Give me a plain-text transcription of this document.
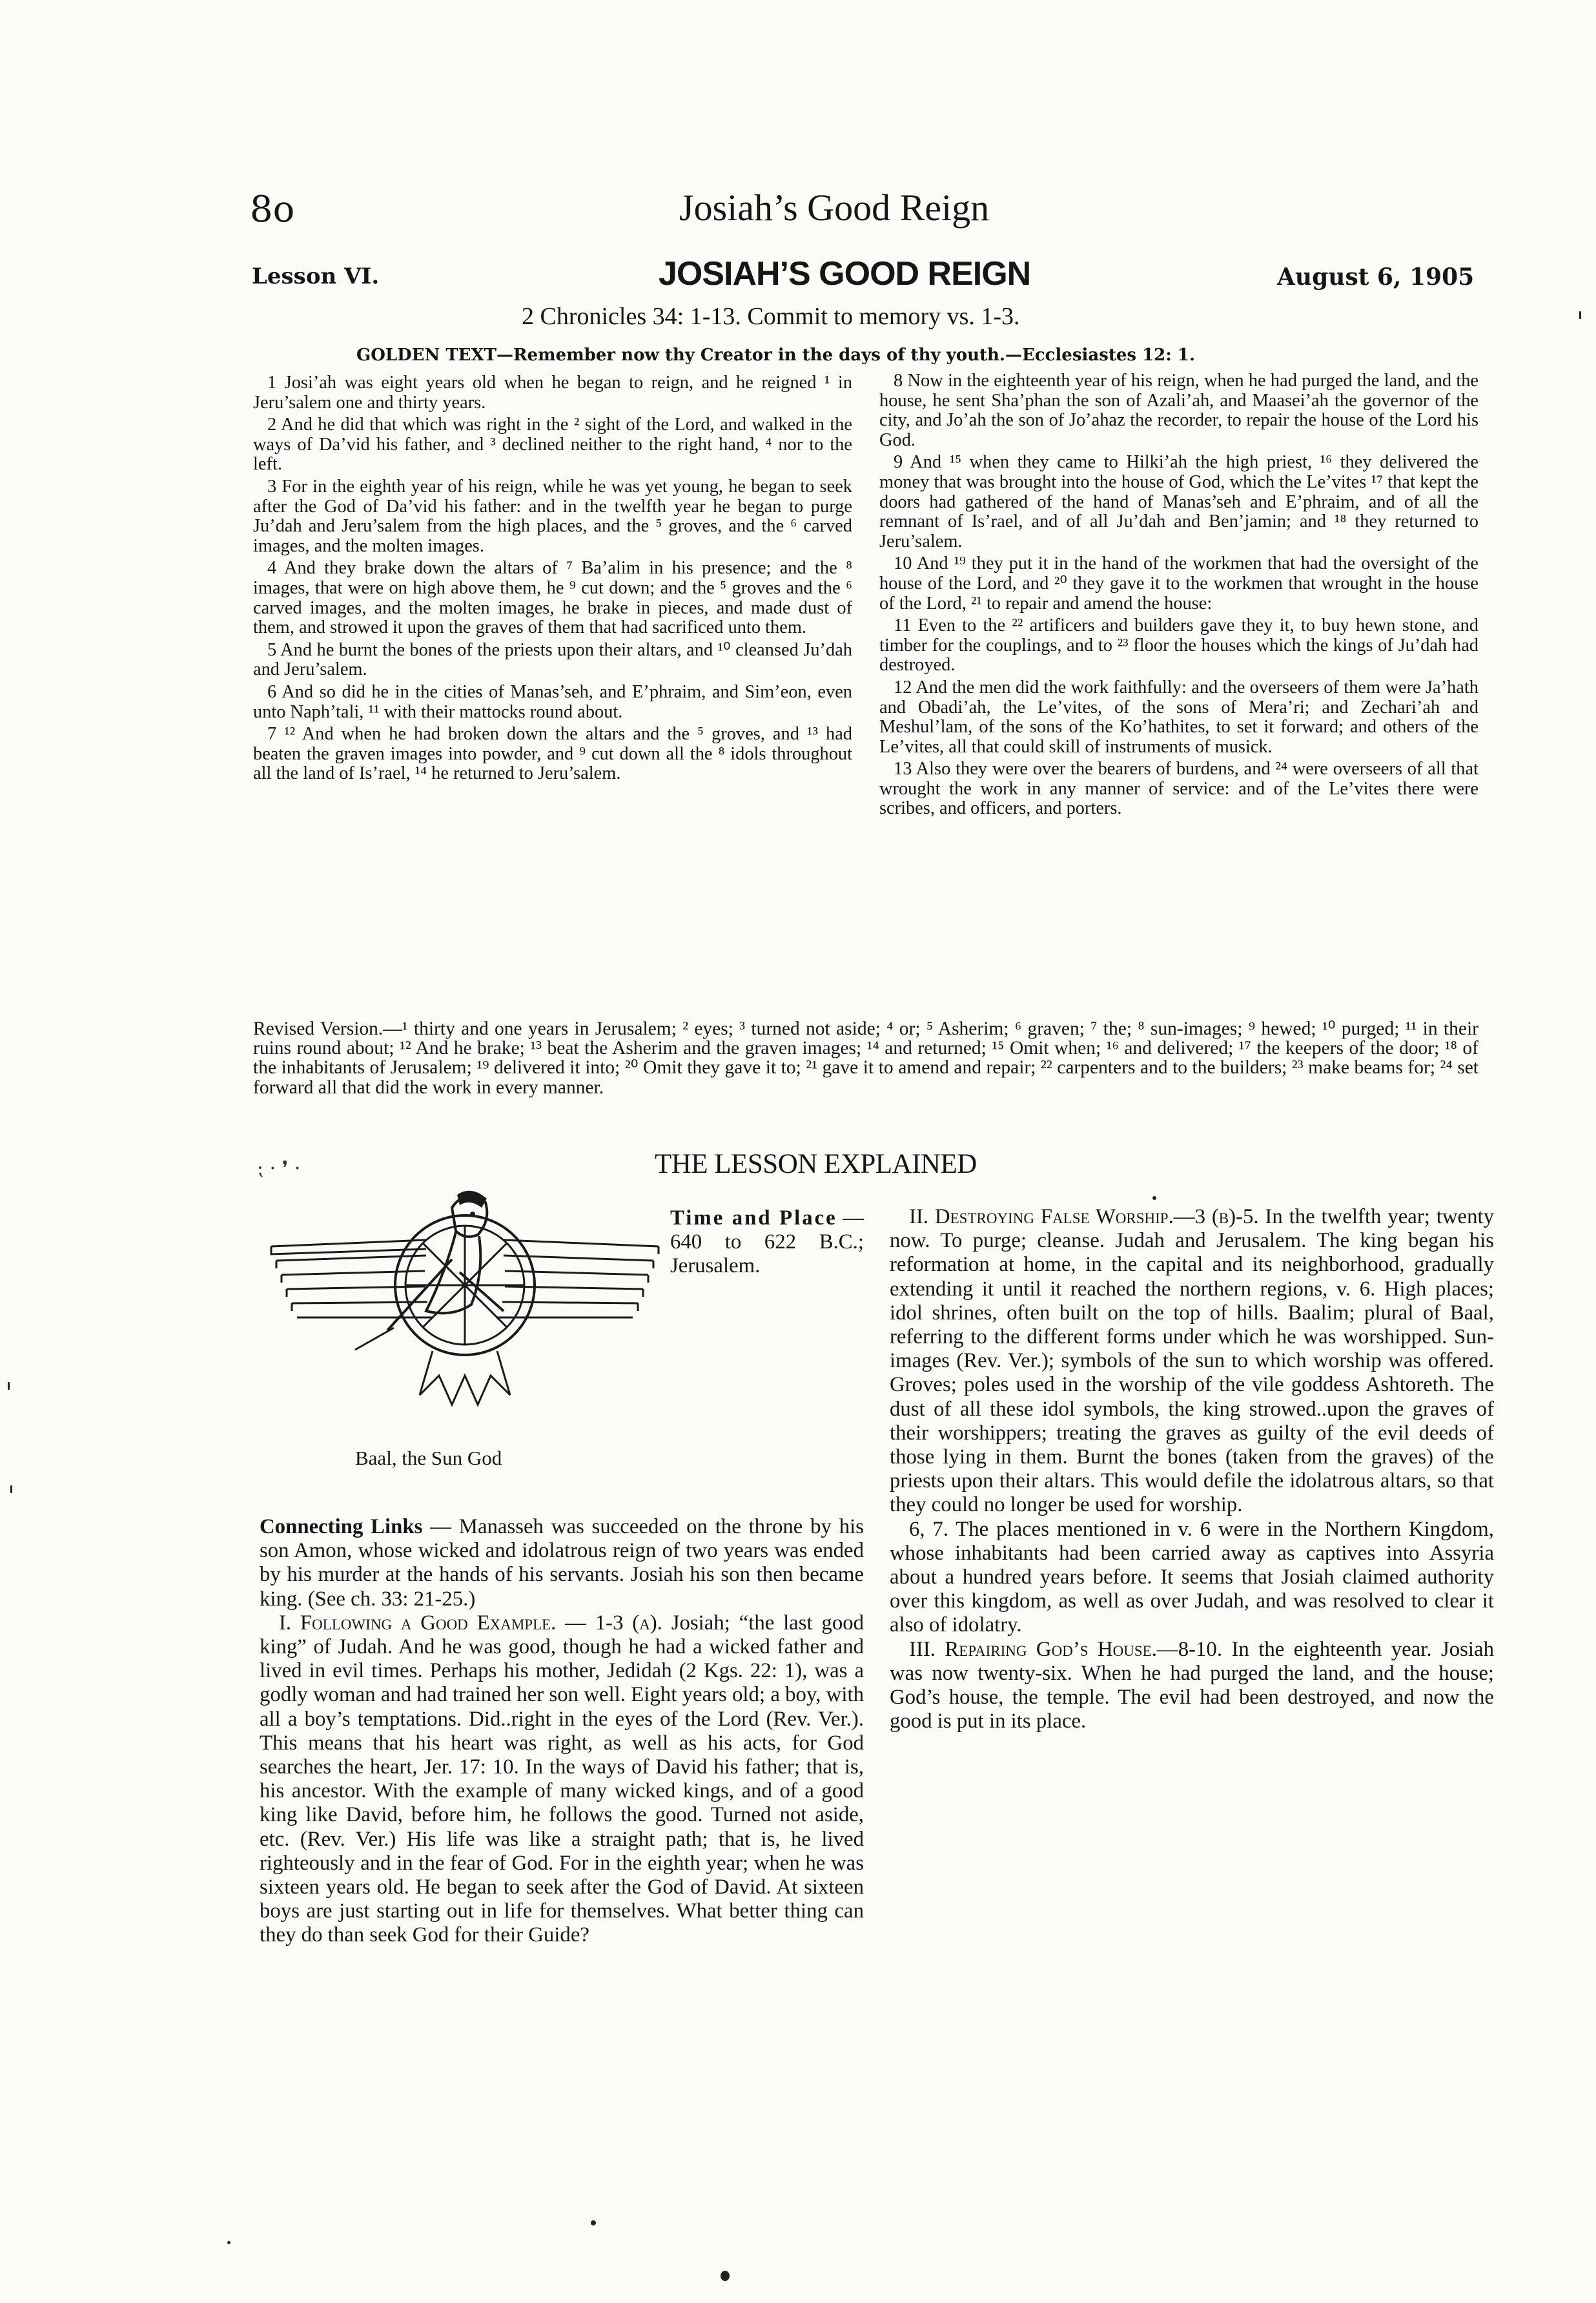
8o	Josiah’s Good Reign
Lesson VI.	JOSIAH’S GOOD REIGN	August 6, 1905
2 Chronicles 34: 1-13. Commit to memory vs. 1-3.
GOLDEN TEXT—Remember now thy Creator in the days of thy youth.—Ecclesiastes 12: 1.

1 Josi’ah was eight years old when he began to reign, and he reigned ¹ in Jeru’salem one and thirty years.

2 And he did that which was right in the ² sight of the Lord, and walked in the ways of Da’vid his father, and ³ declined neither to the right hand, ⁴ nor to the left.

3 For in the eighth year of his reign, while he was yet young, he began to seek after the God of Da’vid his father: and in the twelfth year he began to purge Ju’dah and Jeru’salem from the high places, and the ⁵ groves, and the ⁶ carved images, and the molten images.

4 And they brake down the altars of ⁷ Ba’alim in his presence; and the ⁸ images, that were on high above them, he ⁹ cut down; and the ⁵ groves and the ⁶ carved images, and the molten images, he brake in pieces, and made dust of them, and strowed it upon the graves of them that had sacrificed unto them.

5 And he burnt the bones of the priests upon their altars, and ¹⁰ cleansed Ju’dah and Jeru’salem.

6 And so did he in the cities of Manas’seh, and E’phraim, and Sim’eon, even unto Naph’tali, ¹¹ with their mattocks round about.

7 ¹² And when he had broken down the altars and the ⁵ groves, and ¹³ had beaten the graven images into powder, and ⁹ cut down all the ⁸ idols throughout all the land of Is’rael, ¹⁴ he returned to Jeru’salem.

8 Now in the eighteenth year of his reign, when he had purged the land, and the house, he sent Sha’phan the son of Azali’ah, and Maasei’ah the governor of the city, and Jo’ah the son of Jo’ahaz the recorder, to repair the house of the Lord his God.

9 And ¹⁵ when they came to Hilki’ah the high priest, ¹⁶ they delivered the money that was brought into the house of God, which the Le’vites ¹⁷ that kept the doors had gathered of the hand of Manas’seh and E’phraim, and of all the remnant of Is’rael, and of all Ju’dah and Ben’jamin; and ¹⁸ they returned to Jeru’salem.

10 And ¹⁹ they put it in the hand of the workmen that had the oversight of the house of the Lord, and ²⁰ they gave it to the workmen that wrought in the house of the Lord, ²¹ to repair and amend the house:

11 Even to the ²² artificers and builders gave they it, to buy hewn stone, and timber for the couplings, and to ²³ floor the houses which the kings of Ju’dah had destroyed.

12 And the men did the work faithfully: and the overseers of them were Ja’hath and Obadi’ah, the Le’vites, of the sons of Mera’ri; and Zechari’ah and Meshul’lam, of the sons of the Ko’hathites, to set it forward; and others of the Le’vites, all that could skill of instruments of musick.

13 Also they were over the bearers of burdens, and ²⁴ were overseers of all that wrought the work in any manner of service: and of the Le’vites there were scribes, and officers, and porters.

Revised Version.—¹ thirty and one years in Jerusalem; ² eyes; ³ turned not aside; ⁴ or; ⁵ Asherim; ⁶ graven; ⁷ the; ⁸ sun-images; ⁹ hewed; ¹⁰ purged; ¹¹ in their ruins round about; ¹² And he brake; ¹³ beat the Asherim and the graven images; ¹⁴ and returned; ¹⁵ Omit when; ¹⁶ and delivered; ¹⁷ the keepers of the door; ¹⁸ of the inhabitants of Jerusalem; ¹⁹ delivered it into; ²⁰ Omit they gave it to; ²¹ gave it to amend and repair; ²² carpenters and to the builders; ²³ make beams for; ²⁴ set forward all that did the work in every manner.
⁏ · ❜ ·	THE LESSON EXPLAINED
Baal, the Sun God

Time and Place — 640 to 622 B.C.; Jerusalem.

Connecting Links — Manasseh was succeeded on the throne by his son Amon, whose wicked and idolatrous reign of two years was ended by his murder at the hands of his servants. Josiah his son then became king. (See ch. 33: 21-25.)

I. Following a Good Example. — 1-3 (a). Josiah; “the last good king” of Judah. And he was good, though he had a wicked father and lived in evil times. Perhaps his mother, Jedidah (2 Kgs. 22: 1), was a godly woman and had trained her son well. Eight years old; a boy, with all a boy’s temptations. Did..right in the eyes of the Lord (Rev. Ver.). This means that his heart was right, as well as his acts, for God searches the heart, Jer. 17: 10. In the ways of David his father; that is, his ancestor. With the example of many wicked kings, and of a good king like David, before him, he follows the good. Turned not aside, etc. (Rev. Ver.) His life was like a straight path; that is, he lived righteously and in the fear of God. For in the eighth year; when he was sixteen years old. He began to seek after the God of David. At sixteen boys are just starting out in life for themselves. What better thing can they do than seek God for their Guide?

II. Destroying False Worship.—3 (b)-5. In the twelfth year; twenty now. To purge; cleanse. Judah and Jerusalem. The king began his reformation at home, in the capital and its neighborhood, gradually extending it until it reached the northern regions, v. 6. High places; idol shrines, often built on the top of hills. Baalim; plural of Baal, referring to the different forms under which he was worshipped. Sun-images (Rev. Ver.); symbols of the sun to which worship was offered. Groves; poles used in the worship of the vile goddess Ashtoreth. The dust of all these idol symbols, the king strowed..upon the graves of their worshippers; treating the graves as guilty of the evil deeds of those lying in them. Burnt the bones (taken from the graves) of the priests upon their altars. This would defile the idolatrous altars, so that they could no longer be used for worship.

6, 7. The places mentioned in v. 6 were in the Northern Kingdom, whose inhabitants had been carried away as captives into Assyria about a hundred years before. It seems that Josiah claimed authority over this kingdom, as well as over Judah, and was resolved to clear it also of idolatry.

III. Repairing God’s House.—8-10. In the eighteenth year. Josiah was now twenty-six. When he had purged the land, and the house; God’s house, the temple. The evil had been destroyed, and now the good is put in its place.
